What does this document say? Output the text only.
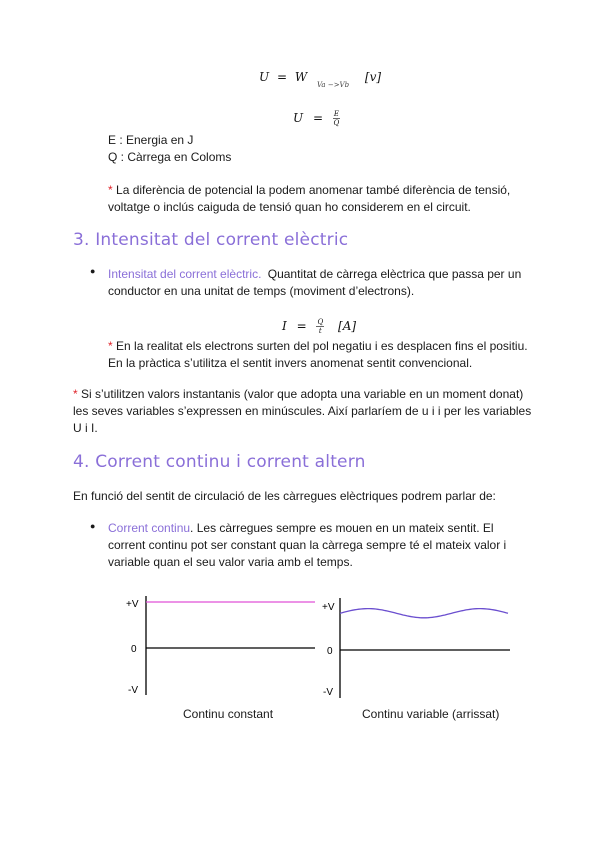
U = W $_{Va ->Vb}$ [v]
$U = \frac{E}{Q}$
E : Energia en J
Q : Càrrega en Coloms
* La diferència de potencial la podem anomenar també diferència de tensió, voltatge o inclús caiguda de tensió quan ho considerem en el circuit.
3. Intensitat del corrent elèctric
● Intensitat del corrent elèctric. Quantitat de càrrega elèctrica que passa per un conductor en una unitat de temps (moviment d’electrons).
$I = \frac{Q}{t} [A]$
* En la realitat els electrons surten del pol negatiu i es desplacen fins el positiu. En la pràctica s’utilitza el sentit invers anomenat sentit convencional.
* Si s’utilitzen valors instantanis (valor que adopta una variable en un moment donat) les seves variables s’expressen en minúscules. Així parlaríem de u i i per les variables U i I.
4. Corrent continu i corrent altern
En funció del sentit de circulació de les càrregues elèctriques podrem parlar de:
● Corrent continu. Les càrregues sempre es mouen en un mateix sentit. El corrent continu pot ser constant quan la càrrega sempre té el mateix valor i variable quan el seu valor varia amb el temps.
+V
0
-V
+V
0
-V
Continu constant	Continu variable (arrissat)
